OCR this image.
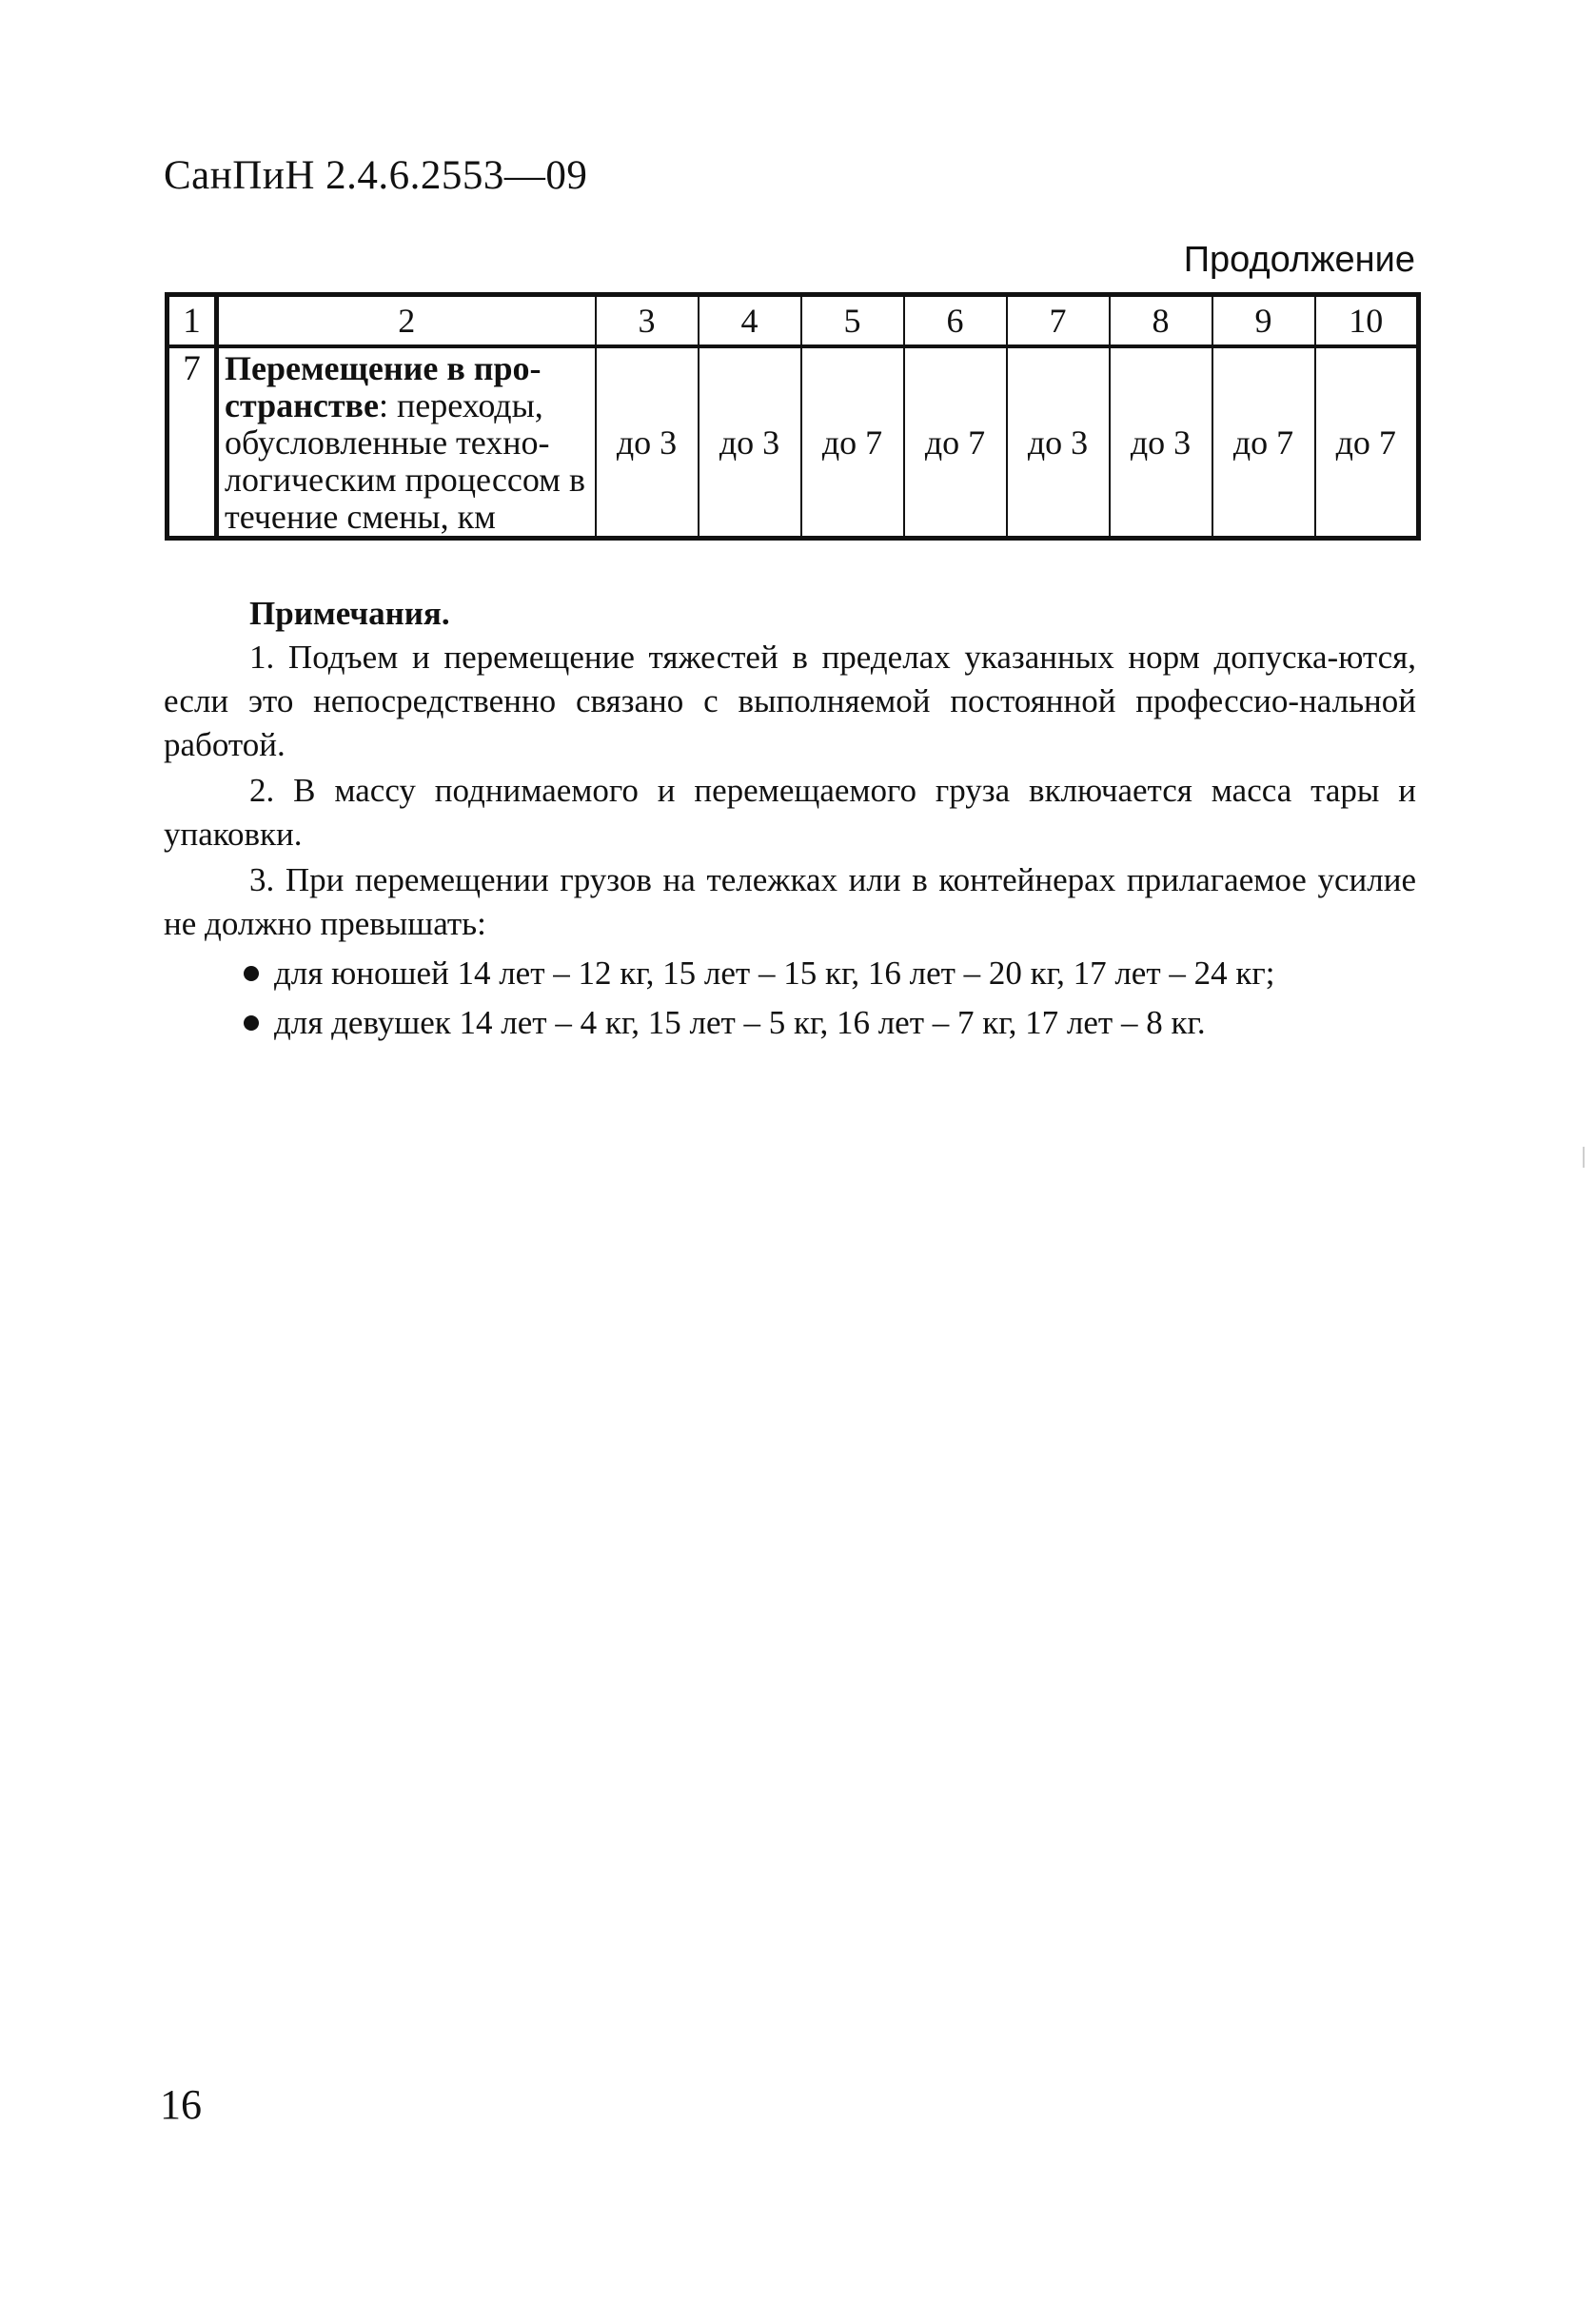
СанПиН 2.4.6.2553—09
Продолжение
1	2	3	4	5	6	7	8	9	10
7	Перемещение в про-странстве: переходы, обусловленные техно-логическим процессом в течение смены, км	до 3	до 3	до 7	до 7	до 3	до 3	до 7	до 7
Примечания.

1. Подъем и перемещение тяжестей в пределах указанных норм допуска-ются, если это непосредственно связано с выполняемой постоянной профессио-нальной работой.

2. В массу поднимаемого и перемещаемого груза включается масса тары и упаковки.

3. При перемещении грузов на тележках или в контейнерах прилагаемое усилие не должно превышать:

для юношей 14 лет – 12 кг, 15 лет – 15 кг, 16 лет – 20 кг, 17 лет – 24 кг;
для девушек 14 лет – 4 кг, 15 лет – 5 кг, 16 лет – 7 кг, 17 лет – 8 кг.
16
